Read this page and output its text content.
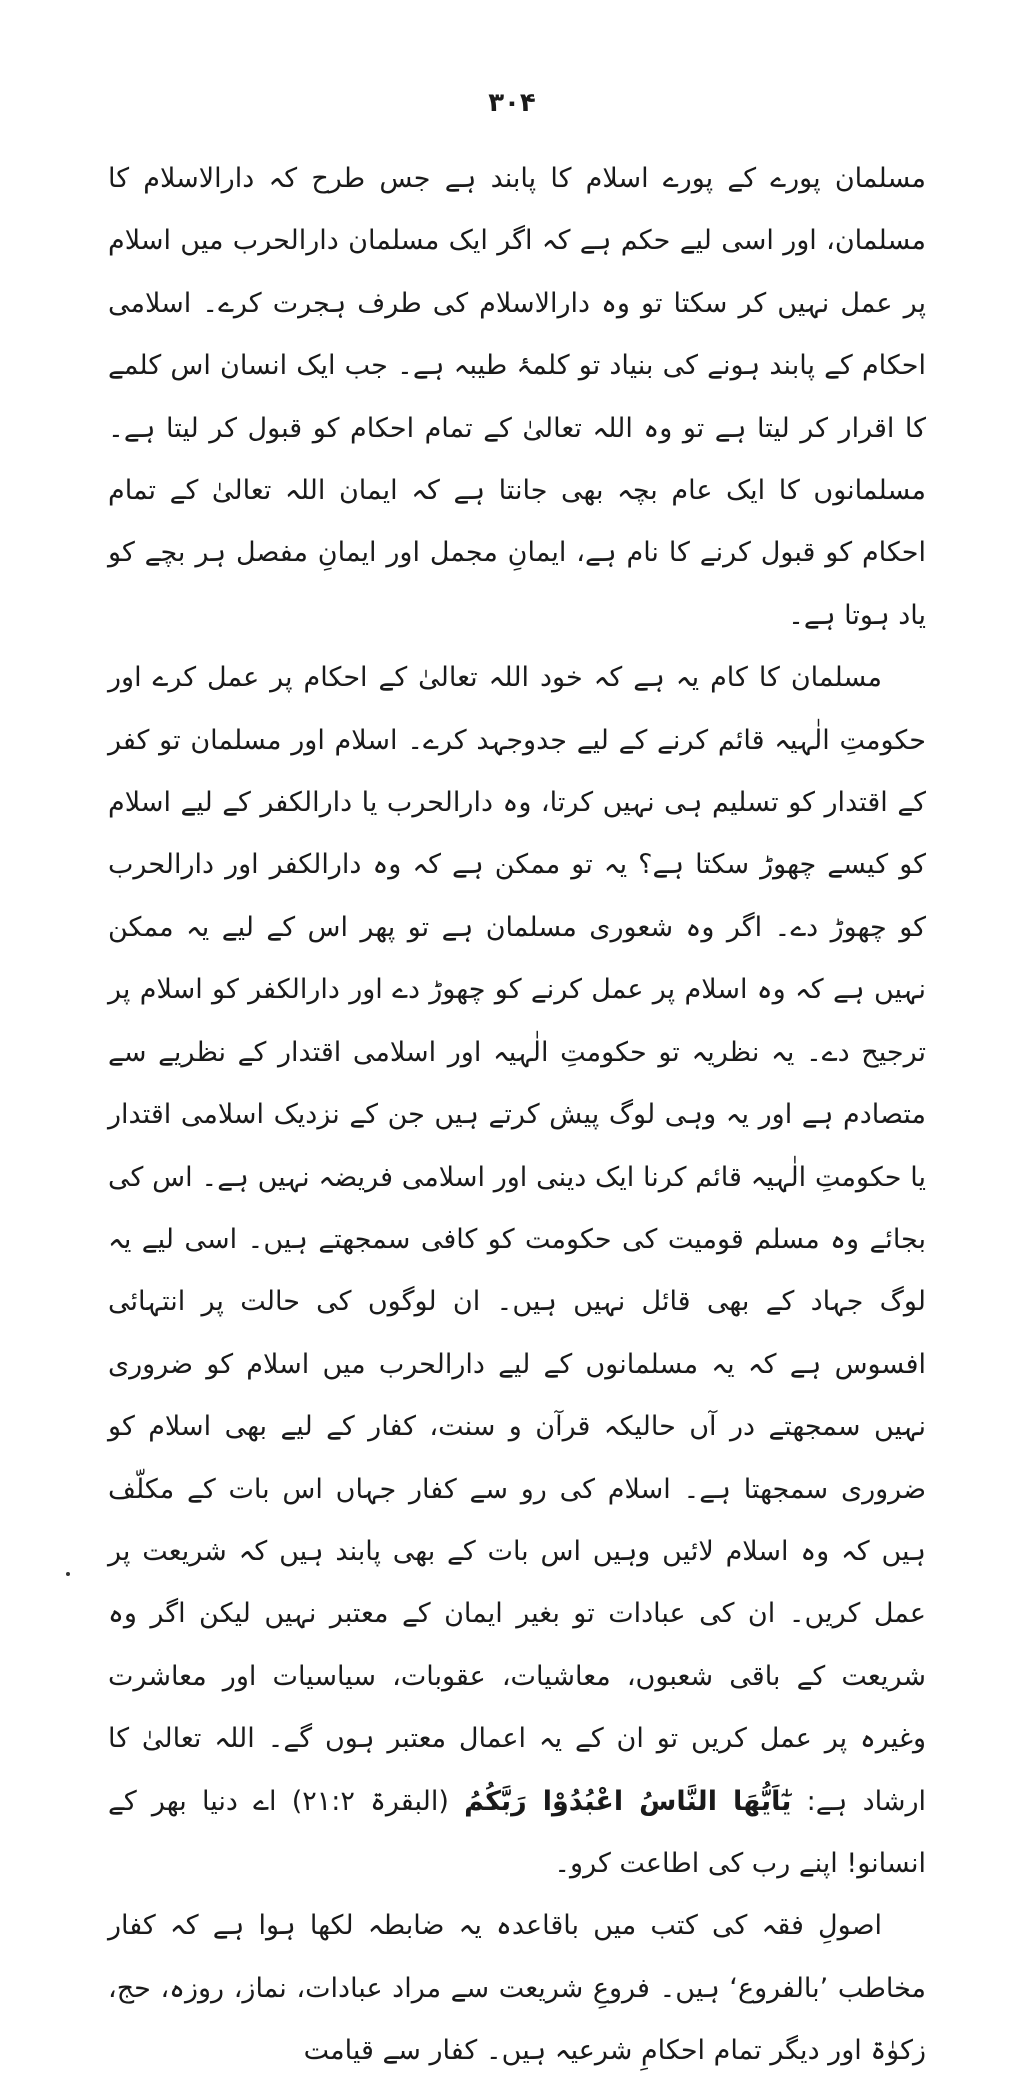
۳۰۴

مسلمان پورے کے پورے اسلام کا پابند ہے جس طرح کہ دارالاسلام کا مسلمان، اور اسی لیے حکم ہے کہ اگر ایک مسلمان دارالحرب میں اسلام پر عمل نہیں کر سکتا تو وہ دارالاسلام کی طرف ہجرت کرے۔ اسلامی احکام کے پابند ہونے کی بنیاد تو کلمۂ طیبہ ہے۔ جب ایک انسان اس کلمے کا اقرار کر لیتا ہے تو وہ اللہ تعالیٰ کے تمام احکام کو قبول کر لیتا ہے۔ مسلمانوں کا ایک عام بچہ بھی جانتا ہے کہ ایمان اللہ تعالیٰ کے تمام احکام کو قبول کرنے کا نام ہے، ایمانِ مجمل اور ایمانِ مفصل ہر بچے کو یاد ہوتا ہے۔

مسلمان کا کام یہ ہے کہ خود اللہ تعالیٰ کے احکام پر عمل کرے اور حکومتِ الٰہیہ قائم کرنے کے لیے جدوجہد کرے۔ اسلام اور مسلمان تو کفر کے اقتدار کو تسلیم ہی نہیں کرتا، وہ دارالحرب یا دارالکفر کے لیے اسلام کو کیسے چھوڑ سکتا ہے؟ یہ تو ممکن ہے کہ وہ دارالکفر اور دارالحرب کو چھوڑ دے۔ اگر وہ شعوری مسلمان ہے تو پھر اس کے لیے یہ ممکن نہیں ہے کہ وہ اسلام پر عمل کرنے کو چھوڑ دے اور دارالکفر کو اسلام پر ترجیح دے۔ یہ نظریہ تو حکومتِ الٰہیہ اور اسلامی اقتدار کے نظریے سے متصادم ہے اور یہ وہی لوگ پیش کرتے ہیں جن کے نزدیک اسلامی اقتدار یا حکومتِ الٰہیہ قائم کرنا ایک دینی اور اسلامی فریضہ نہیں ہے۔ اس کی بجائے وہ مسلم قومیت کی حکومت کو کافی سمجھتے ہیں۔ اسی لیے یہ لوگ جہاد کے بھی قائل نہیں ہیں۔ ان لوگوں کی حالت پر انتہائی افسوس ہے کہ یہ مسلمانوں کے لیے دارالحرب میں اسلام کو ضروری نہیں سمجھتے در آں حالیکہ قرآن و سنت، کفار کے لیے بھی اسلام کو ضروری سمجھتا ہے۔ اسلام کی رو سے کفار جہاں اس بات کے مکلّف ہیں کہ وہ اسلام لائیں وہیں اس بات کے بھی پابند ہیں کہ شریعت پر عمل کریں۔ ان کی عبادات تو بغیر ایمان کے معتبر نہیں لیکن اگر وہ شریعت کے باقی شعبوں، معاشیات، عقوبات، سیاسیات اور معاشرت وغیرہ پر عمل کریں تو ان کے یہ اعمال معتبر ہوں گے۔ اللہ تعالیٰ کا ارشاد ہے: یٰٓاَیُّھَا النَّاسُ اعْبُدُوْا رَبَّکُمُ (البقرۃ ۲۱:۲) اے دنیا بھر کے انسانو! اپنے رب کی اطاعت کرو۔

اصولِ فقہ کی کتب میں باقاعدہ یہ ضابطہ لکھا ہوا ہے کہ کفار مخاطب ’بالفروع‘ ہیں۔ فروعِ شریعت سے مراد عبادات، نماز، روزہ، حج، زکوٰۃ اور دیگر تمام احکامِ شرعیہ ہیں۔ کفار سے قیامت
